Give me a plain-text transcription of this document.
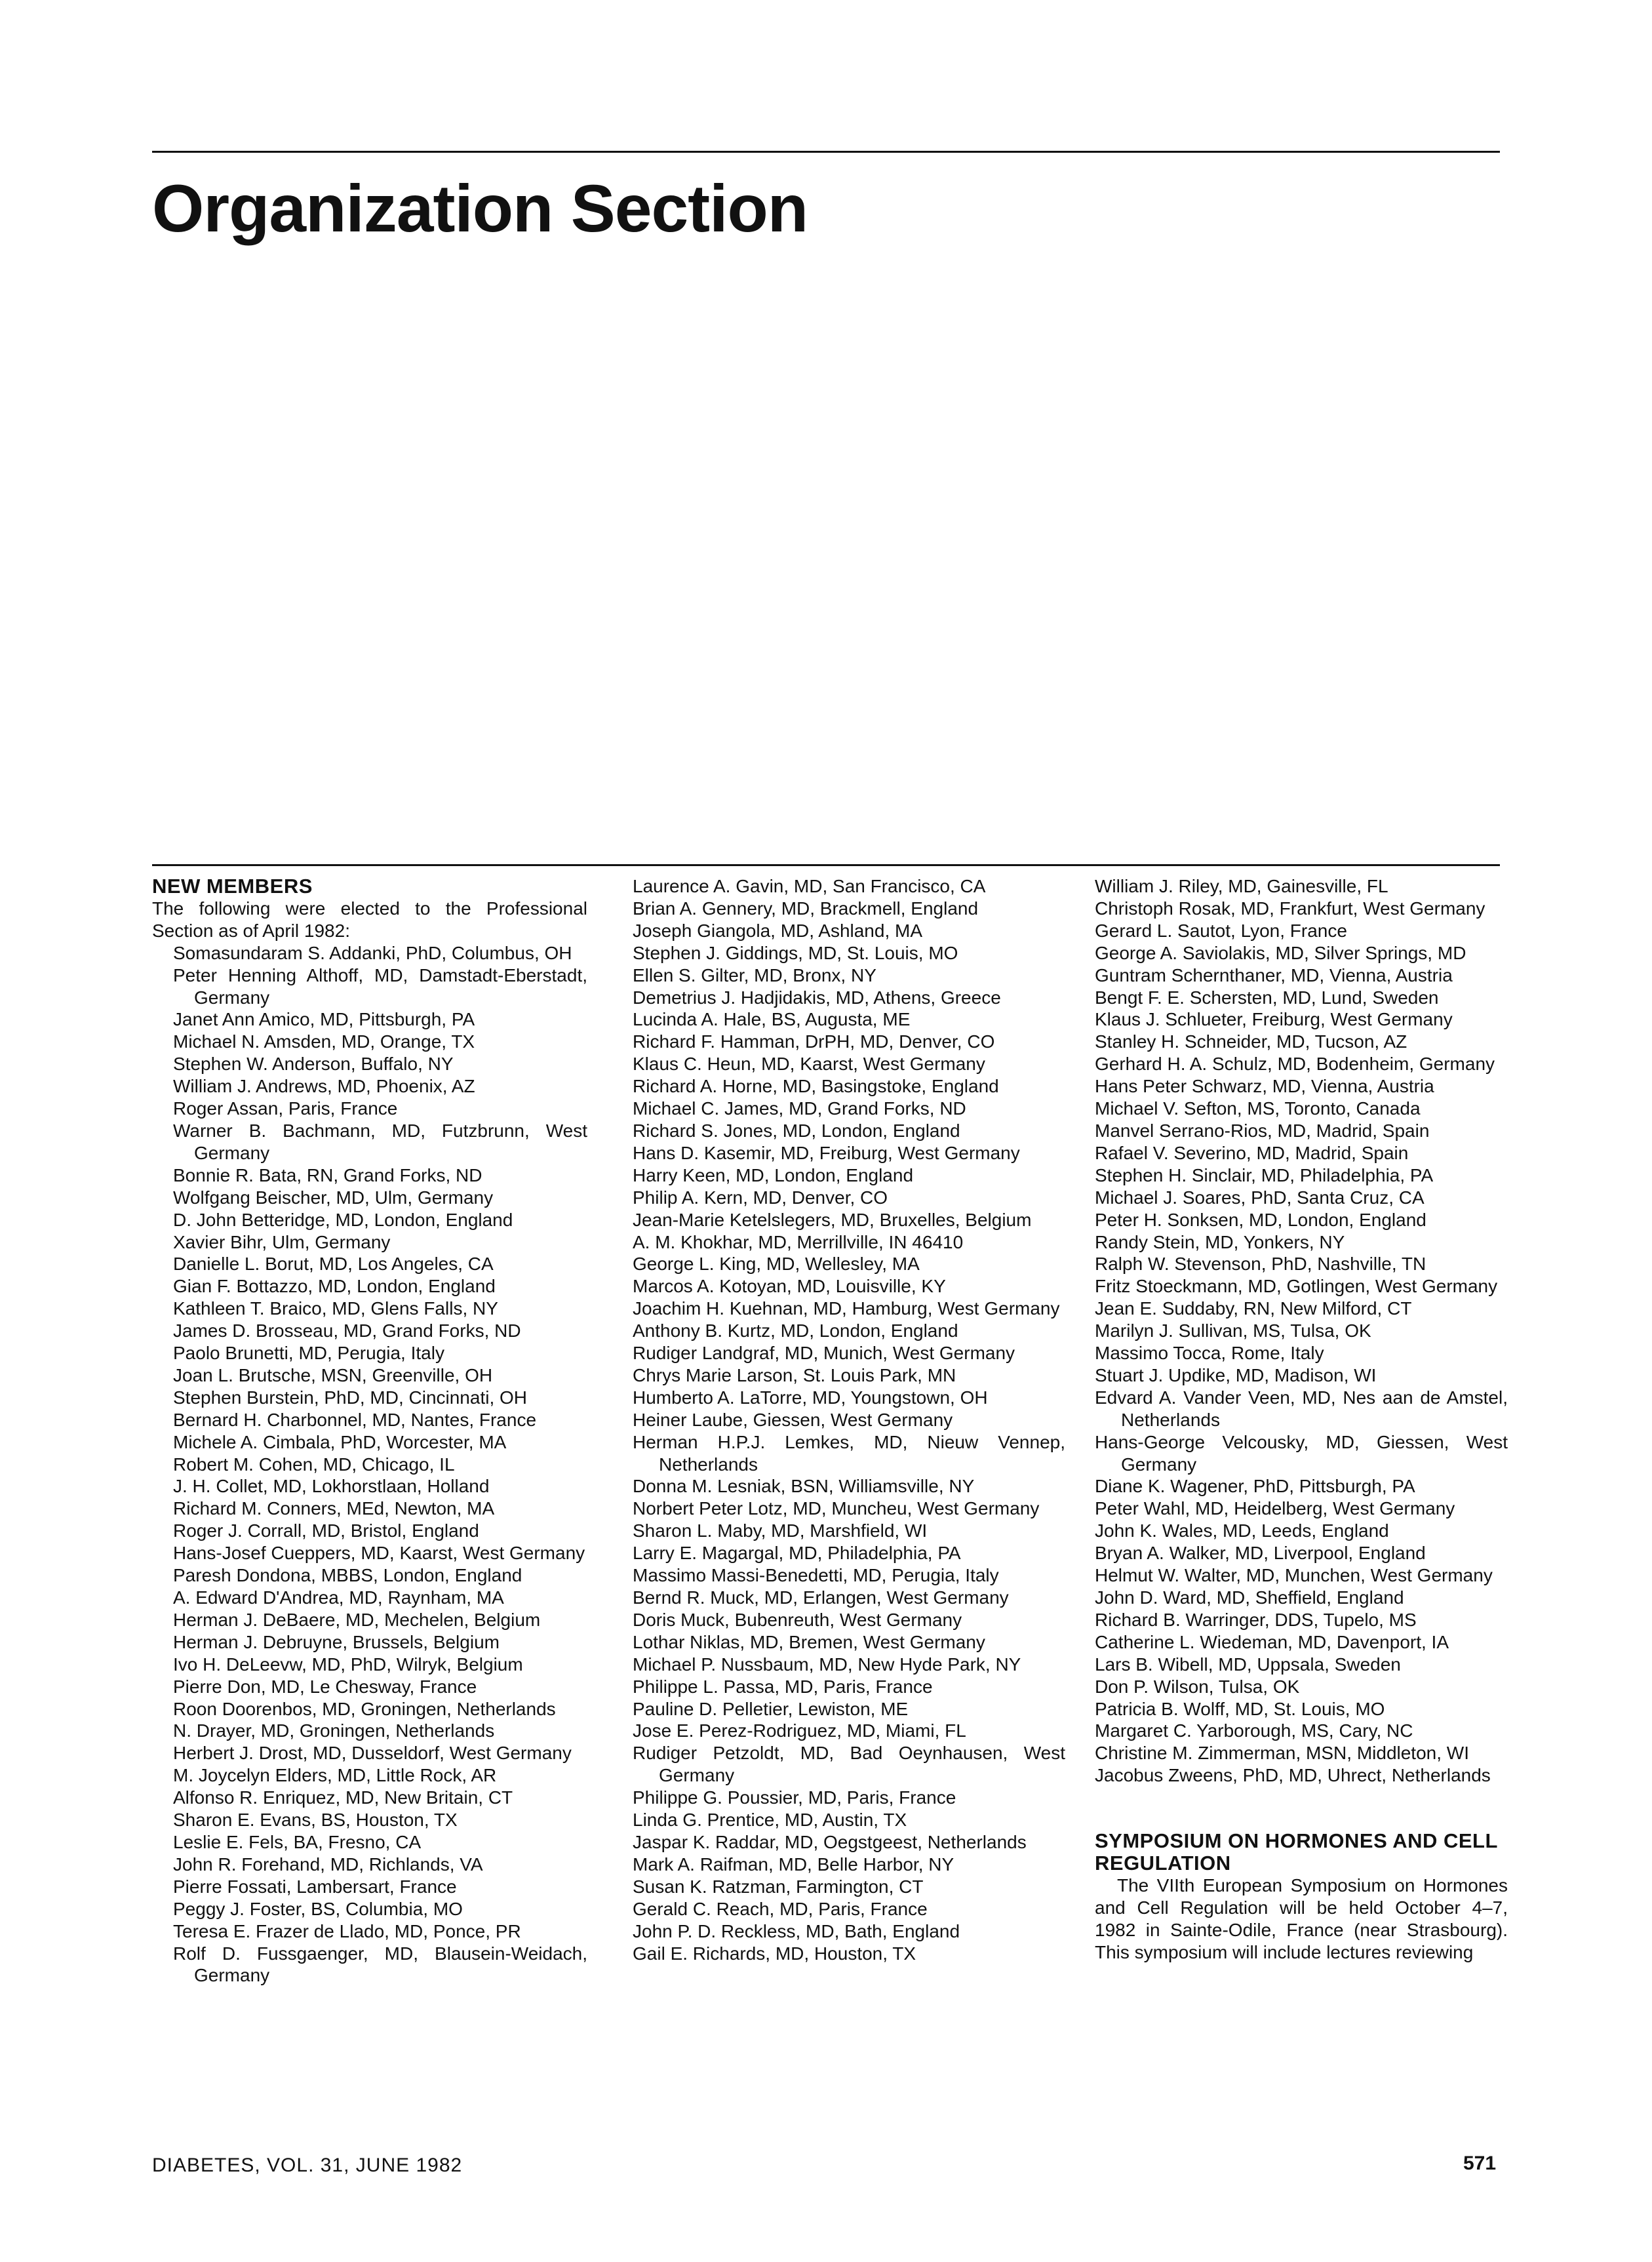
Organization Section
NEW MEMBERS
The following were elected to the Professional Section as of April 1982:
Somasundaram S. Addanki, PhD, Columbus, OH
Peter Henning Althoff, MD, Damstadt-Eberstadt, Germany
Janet Ann Amico, MD, Pittsburgh, PA
Michael N. Amsden, MD, Orange, TX
Stephen W. Anderson, Buffalo, NY
William J. Andrews, MD, Phoenix, AZ
Roger Assan, Paris, France
Warner B. Bachmann, MD, Futzbrunn, West Germany
Bonnie R. Bata, RN, Grand Forks, ND
Wolfgang Beischer, MD, Ulm, Germany
D. John Betteridge, MD, London, England
Xavier Bihr, Ulm, Germany
Danielle L. Borut, MD, Los Angeles, CA
Gian F. Bottazzo, MD, London, England
Kathleen T. Braico, MD, Glens Falls, NY
James D. Brosseau, MD, Grand Forks, ND
Paolo Brunetti, MD, Perugia, Italy
Joan L. Brutsche, MSN, Greenville, OH
Stephen Burstein, PhD, MD, Cincinnati, OH
Bernard H. Charbonnel, MD, Nantes, France
Michele A. Cimbala, PhD, Worcester, MA
Robert M. Cohen, MD, Chicago, IL
J. H. Collet, MD, Lokhorstlaan, Holland
Richard M. Conners, MEd, Newton, MA
Roger J. Corrall, MD, Bristol, England
Hans-Josef Cueppers, MD, Kaarst, West Germany
Paresh Dondona, MBBS, London, England
A. Edward D'Andrea, MD, Raynham, MA
Herman J. DeBaere, MD, Mechelen, Belgium
Herman J. Debruyne, Brussels, Belgium
Ivo H. DeLeevw, MD, PhD, Wilryk, Belgium
Pierre Don, MD, Le Chesway, France
Roon Doorenbos, MD, Groningen, Netherlands
N. Drayer, MD, Groningen, Netherlands
Herbert J. Drost, MD, Dusseldorf, West Germany
M. Joycelyn Elders, MD, Little Rock, AR
Alfonso R. Enriquez, MD, New Britain, CT
Sharon E. Evans, BS, Houston, TX
Leslie E. Fels, BA, Fresno, CA
John R. Forehand, MD, Richlands, VA
Pierre Fossati, Lambersart, France
Peggy J. Foster, BS, Columbia, MO
Teresa E. Frazer de Llado, MD, Ponce, PR
Rolf D. Fussgaenger, MD, Blausein-Weidach, Germany
Laurence A. Gavin, MD, San Francisco, CA
Brian A. Gennery, MD, Brackmell, England
Joseph Giangola, MD, Ashland, MA
Stephen J. Giddings, MD, St. Louis, MO
Ellen S. Gilter, MD, Bronx, NY
Demetrius J. Hadjidakis, MD, Athens, Greece
Lucinda A. Hale, BS, Augusta, ME
Richard F. Hamman, DrPH, MD, Denver, CO
Klaus C. Heun, MD, Kaarst, West Germany
Richard A. Horne, MD, Basingstoke, England
Michael C. James, MD, Grand Forks, ND
Richard S. Jones, MD, London, England
Hans D. Kasemir, MD, Freiburg, West Germany
Harry Keen, MD, London, England
Philip A. Kern, MD, Denver, CO
Jean-Marie Ketelslegers, MD, Bruxelles, Belgium
A. M. Khokhar, MD, Merrillville, IN 46410
George L. King, MD, Wellesley, MA
Marcos A. Kotoyan, MD, Louisville, KY
Joachim H. Kuehnan, MD, Hamburg, West Germany
Anthony B. Kurtz, MD, London, England
Rudiger Landgraf, MD, Munich, West Germany
Chrys Marie Larson, St. Louis Park, MN
Humberto A. LaTorre, MD, Youngstown, OH
Heiner Laube, Giessen, West Germany
Herman H.P.J. Lemkes, MD, Nieuw Vennep, Netherlands
Donna M. Lesniak, BSN, Williamsville, NY
Norbert Peter Lotz, MD, Muncheu, West Germany
Sharon L. Maby, MD, Marshfield, WI
Larry E. Magargal, MD, Philadelphia, PA
Massimo Massi-Benedetti, MD, Perugia, Italy
Bernd R. Muck, MD, Erlangen, West Germany
Doris Muck, Bubenreuth, West Germany
Lothar Niklas, MD, Bremen, West Germany
Michael P. Nussbaum, MD, New Hyde Park, NY
Philippe L. Passa, MD, Paris, France
Pauline D. Pelletier, Lewiston, ME
Jose E. Perez-Rodriguez, MD, Miami, FL
Rudiger Petzoldt, MD, Bad Oeynhausen, West Germany
Philippe G. Poussier, MD, Paris, France
Linda G. Prentice, MD, Austin, TX
Jaspar K. Raddar, MD, Oegstgeest, Netherlands
Mark A. Raifman, MD, Belle Harbor, NY
Susan K. Ratzman, Farmington, CT
Gerald C. Reach, MD, Paris, France
John P. D. Reckless, MD, Bath, England
Gail E. Richards, MD, Houston, TX
William J. Riley, MD, Gainesville, FL
Christoph Rosak, MD, Frankfurt, West Germany
Gerard L. Sautot, Lyon, France
George A. Saviolakis, MD, Silver Springs, MD
Guntram Schernthaner, MD, Vienna, Austria
Bengt F. E. Schersten, MD, Lund, Sweden
Klaus J. Schlueter, Freiburg, West Germany
Stanley H. Schneider, MD, Tucson, AZ
Gerhard H. A. Schulz, MD, Bodenheim, Germany
Hans Peter Schwarz, MD, Vienna, Austria
Michael V. Sefton, MS, Toronto, Canada
Manvel Serrano-Rios, MD, Madrid, Spain
Rafael V. Severino, MD, Madrid, Spain
Stephen H. Sinclair, MD, Philadelphia, PA
Michael J. Soares, PhD, Santa Cruz, CA
Peter H. Sonksen, MD, London, England
Randy Stein, MD, Yonkers, NY
Ralph W. Stevenson, PhD, Nashville, TN
Fritz Stoeckmann, MD, Gotlingen, West Germany
Jean E. Suddaby, RN, New Milford, CT
Marilyn J. Sullivan, MS, Tulsa, OK
Massimo Tocca, Rome, Italy
Stuart J. Updike, MD, Madison, WI
Edvard A. Vander Veen, MD, Nes aan de Amstel, Netherlands
Hans-George Velcousky, MD, Giessen, West Germany
Diane K. Wagener, PhD, Pittsburgh, PA
Peter Wahl, MD, Heidelberg, West Germany
John K. Wales, MD, Leeds, England
Bryan A. Walker, MD, Liverpool, England
Helmut W. Walter, MD, Munchen, West Germany
John D. Ward, MD, Sheffield, England
Richard B. Warringer, DDS, Tupelo, MS
Catherine L. Wiedeman, MD, Davenport, IA
Lars B. Wibell, MD, Uppsala, Sweden
Don P. Wilson, Tulsa, OK
Patricia B. Wolff, MD, St. Louis, MO
Margaret C. Yarborough, MS, Cary, NC
Christine M. Zimmerman, MSN, Middleton, WI
Jacobus Zweens, PhD, MD, Uhrect, Netherlands
SYMPOSIUM ON HORMONES AND CELL REGULATION
The VIIth European Symposium on Hormones and Cell Regulation will be held October 4–7, 1982 in Sainte-Odile, France (near Strasbourg). This symposium will include lectures reviewing
DIABETES, VOL. 31, JUNE 1982	571
